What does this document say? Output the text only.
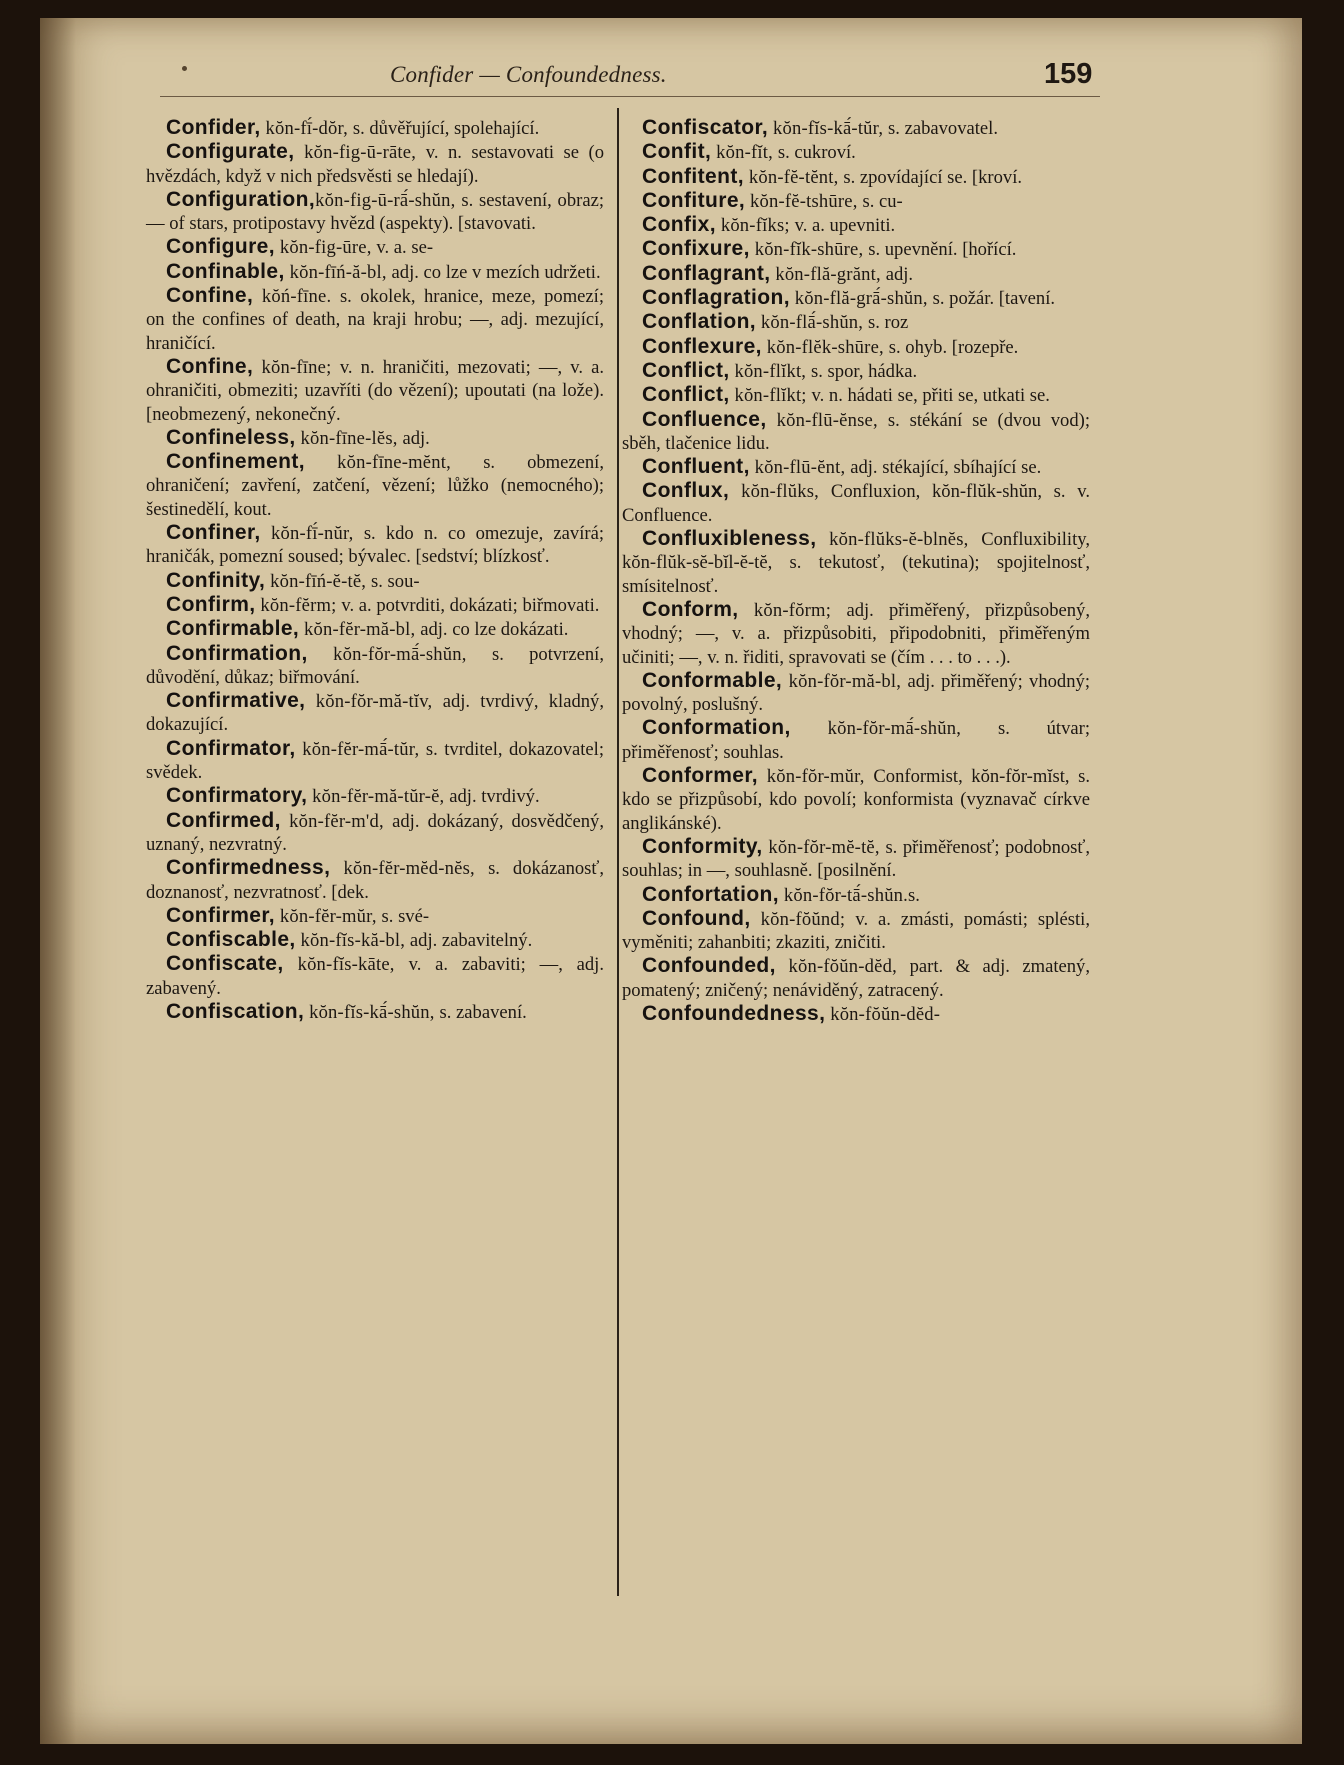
Confider — Confoundedness.	159

Confider, kŏn-fī́-dŏr, s. důvěřující, spolehající.

Configurate, kŏn-fig-ū-rāte, v. n. sestavovati se (o hvězdách, když v nich předsvěsti se hledají).

Configuration,kŏn-fig-ū-rā́-shŭn, s. sestavení, obraz; — of stars, protipostavy hvězd (aspekty). [stavovati.

Configure, kŏn-fig-ūre, v. a. se-

Confinable, kŏn-fīń-ă-bl, adj. co lze v mezích udržeti.

Confine, kŏń-fīne. s. okolek, hranice, meze, pomezí; on the confines of death, na kraji hrobu; —, adj. mezující, hraničící.

Confine, kŏn-fīne; v. n. hraničiti, mezovati; —, v. a. ohraničiti, obmeziti; uzavříti (do vězení); upoutati (na lože). [neobmezený, nekonečný.

Confineless, kŏn-fīne-lĕs, adj.

Confinement, kŏn-fīne-mĕnt, s. obmezení, ohraničení; zavření, zatčení, vězení; lůžko (nemocného); šestinedělí, kout.

Confiner, kŏn-fī́-nŭr, s. kdo n. co omezuje, zavírá; hraničák, pomezní soused; bývalec. [sedství; blízkosť.

Confinity, kŏn-fīń-ĕ-tĕ, s. sou-

Confirm, kŏn-fĕrm; v. a. potvrditi, dokázati; biřmovati.

Confirmable, kŏn-fĕr-mă-bl, adj. co lze dokázati.

Confirmation, kŏn-fŏr-mā́-shŭn, s. potvrzení, důvodění, důkaz; biřmování.

Confirmative, kŏn-fŏr-mă-tĭv, adj. tvrdivý, kladný, dokazující.

Confirmator, kŏn-fĕr-mā́-tŭr, s. tvrditel, dokazovatel; svědek.

Confirmatory, kŏn-fĕr-mă-tŭr-ĕ, adj. tvrdivý.

Confirmed, kŏn-fĕr-m'd, adj. dokázaný, dosvědčený, uznaný, nezvratný.

Confirmedness, kŏn-fĕr-mĕd-nĕs, s. dokázanosť, doznanosť, nezvratnosť. [dek.

Confirmer, kŏn-fĕr-mŭr, s. své-

Confiscable, kŏn-fĭs-kă-bl, adj. zabavitelný.

Confiscate, kŏn-fĭs-kāte, v. a. zabaviti; —, adj. zabavený.

Confiscation, kŏn-fĭs-kā́-shŭn, s. zabavení.

Confiscator, kŏn-fĭs-kā́-tŭr, s. zabavovatel.

Confit, kŏn-fĭt, s. cukroví.

Confitent, kŏn-fĕ-tĕnt, s. zpovídající se. [kroví.

Confiture, kŏn-fĕ-tshūre, s. cu-

Confix, kŏn-fĭks; v. a. upevniti.

Confixure, kŏn-fĭk-shūre, s. upevnění. [hořící.

Conflagrant, kŏn-flă-grănt, adj.

Conflagration, kŏn-flă-grā́-shŭn, s. požár. [tavení.

Conflation, kŏn-flā́-shŭn, s. roz

Conflexure, kŏn-flĕk-shūre, s. ohyb. [rozepře.

Conflict, kŏn-flĭkt, s. spor, hádka.

Conflict, kŏn-flĭkt; v. n. hádati se, přiti se, utkati se.

Confluence, kŏn-flū-ĕnse, s. stékání se (dvou vod); sběh, tlačenice lidu.

Confluent, kŏn-flū-ĕnt, adj. stékající, sbíhající se.

Conflux, kŏn-flŭks, Confluxion, kŏn-flŭk-shŭn, s. v. Confluence.

Confluxibleness, kŏn-flŭks-ĕ-blnĕs, Confluxibility, kŏn-flŭk-sĕ-bĭl-ĕ-tĕ, s. tekutosť, (tekutina); spojitelnosť, smísitelnosť.

Conform, kŏn-fŏrm; adj. přiměřený, přizpůsobený, vhodný; —, v. a. přizpůsobiti, připodobniti, přiměřeným učiniti; —, v. n. řiditi, spravovati se (čím . . . to . . .).

Conformable, kŏn-fŏr-mă-bl, adj. přiměřený; vhodný; povolný, poslušný.

Conformation, kŏn-fŏr-mā́-shŭn, s. útvar; přiměřenosť; souhlas.

Conformer, kŏn-fŏr-mŭr, Conformist, kŏn-fŏr-mĭst, s. kdo se přizpůsobí, kdo povolí; konformista (vyznavač církve anglikánské).

Conformity, kŏn-fŏr-mĕ-tĕ, s. přiměřenosť; podobnosť, souhlas; in —, souhlasně. [posilnění.

Confortation, kŏn-fŏr-tā́-shŭn.s.

Confound, kŏn-fŏŭnd; v. a. zmásti, pomásti; splésti, vyměniti; zahanbiti; zkaziti, zničiti.

Confounded, kŏn-fŏŭn-dĕd, part. & adj. zmatený, pomatený; zničený; nenáviděný, zatracený.

Confoundedness, kŏn-fŏŭn-dĕd-
